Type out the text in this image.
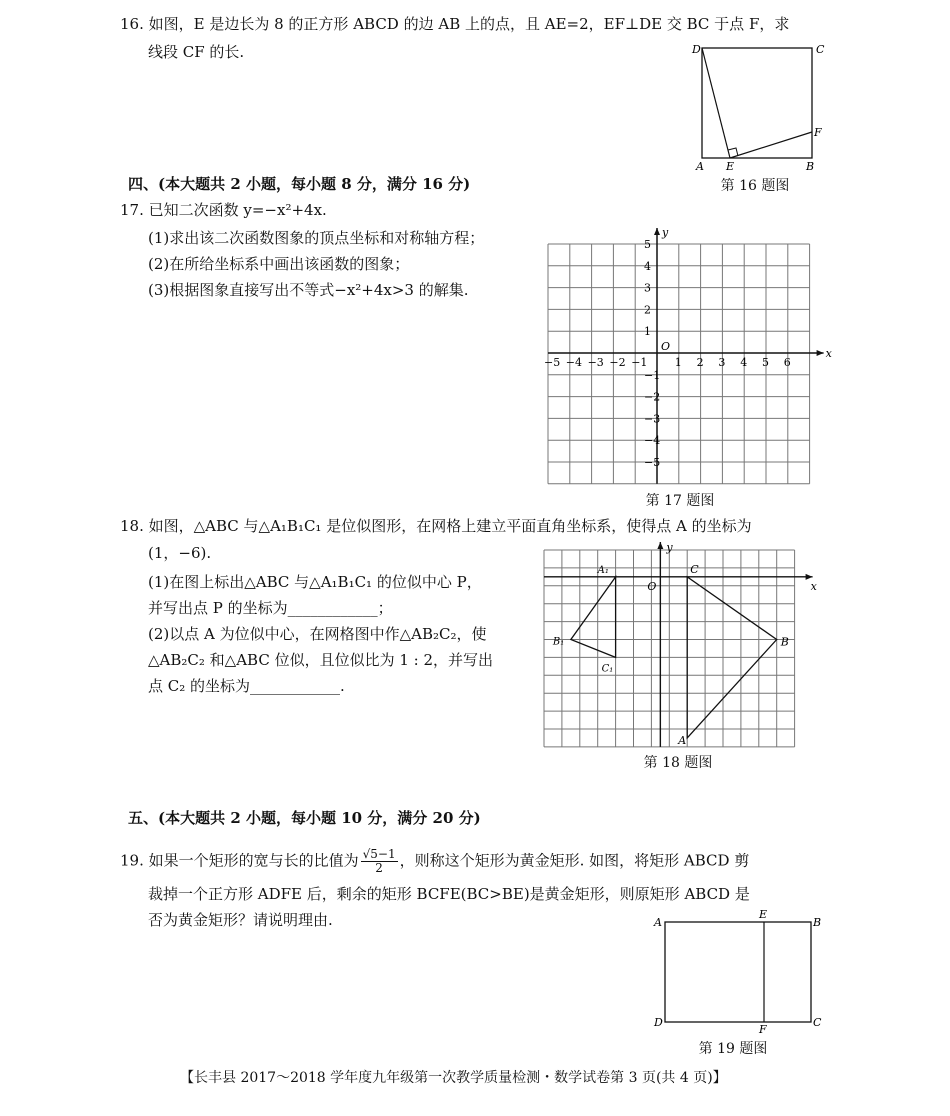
16. 如图，E 是边长为 8 的正方形 ABCD 的边 AB 上的点，且 AE=2，EF⊥DE 交 BC 于点 F，求
线段 CF 的长.	D	C
A E	B
F
第 16 题图
四、(本大题共 2 小题，每小题 8 分，满分 16 分)
17. 已知二次函数 y=−x²+4x.
(1)求出该二次函数图象的顶点坐标和对称轴方程；
(2)在所给坐标系中画出该函数的图象；
(3)根据图象直接写出不等式−x²+4x>3 的解集.
x
y
O
−5 −4 −3 −2 −1 1 2 3 4 5 6
5
4
3
2
1
−1
−2
−3
−4
−5
第 17 题图
18. 如图，△ABC 与△A₁B₁C₁ 是位似图形，在网格上建立平面直角坐标系，使得点 A 的坐标为
(1，−6).
(1)在图上标出△ABC 与△A₁B₁C₁ 的位似中心 P，
并写出点 P 的坐标为____________；
(2)以点 A 为位似中心，在网格图中作△AB₂C₂，使
△AB₂C₂ 和△ABC 位似，且位似比为 1 : 2，并写出
点 C₂ 的坐标为____________.
x
y
O
A
B
C
A₁
B₁
C₁
第 18 题图
五、(本大题共 2 小题，每小题 10 分，满分 20 分)
19. 如果一个矩形的宽与长的比值为 $\frac{√5-1}{2}$ ，则称这个矩形为黄金矩形. 如图，将矩形 ABCD 剪
裁掉一个正方形 ADFE 后，剩余的矩形 BCFE(BC>BE)是黄金矩形，则原矩形 ABCD 是
否为黄金矩形？请说明理由.	A	B
E
D	C
F
第 19 题图
【长丰县 2017～2018 学年度九年级第一次教学质量检测・数学试卷第 3 页(共 4 页)】
